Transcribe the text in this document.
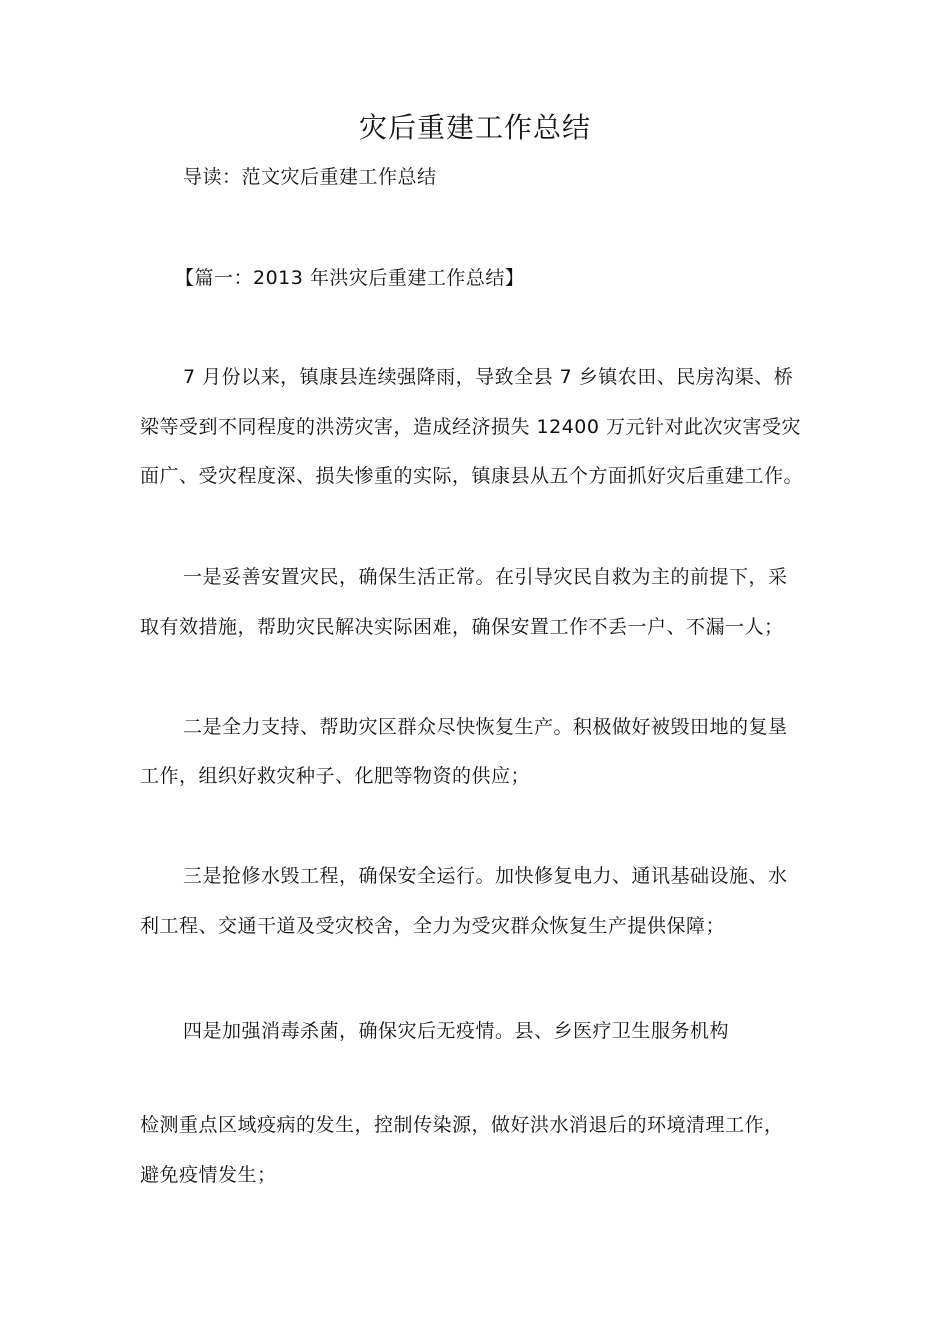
灾后重建工作总结
导读：范文灾后重建工作总结
【篇一：2013 年洪灾后重建工作总结】
7 月份以来，镇康县连续强降雨，导致全县 7 乡镇农田、民房沟渠、桥
梁等受到不同程度的洪涝灾害，造成经济损失 12400 万元针对此次灾害受灾
面广、受灾程度深、损失惨重的实际，镇康县从五个方面抓好灾后重建工作。
一是妥善安置灾民，确保生活正常。在引导灾民自救为主的前提下，采
取有效措施，帮助灾民解决实际困难，确保安置工作不丢一户、不漏一人；
二是全力支持、帮助灾区群众尽快恢复生产。积极做好被毁田地的复垦
工作，组织好救灾种子、化肥等物资的供应；
三是抢修水毁工程，确保安全运行。加快修复电力、通讯基础设施、水
利工程、交通干道及受灾校舍，全力为受灾群众恢复生产提供保障；
四是加强消毒杀菌，确保灾后无疫情。县、乡医疗卫生服务机构
检测重点区域疫病的发生，控制传染源，做好洪水消退后的环境清理工作，
避免疫情发生；
